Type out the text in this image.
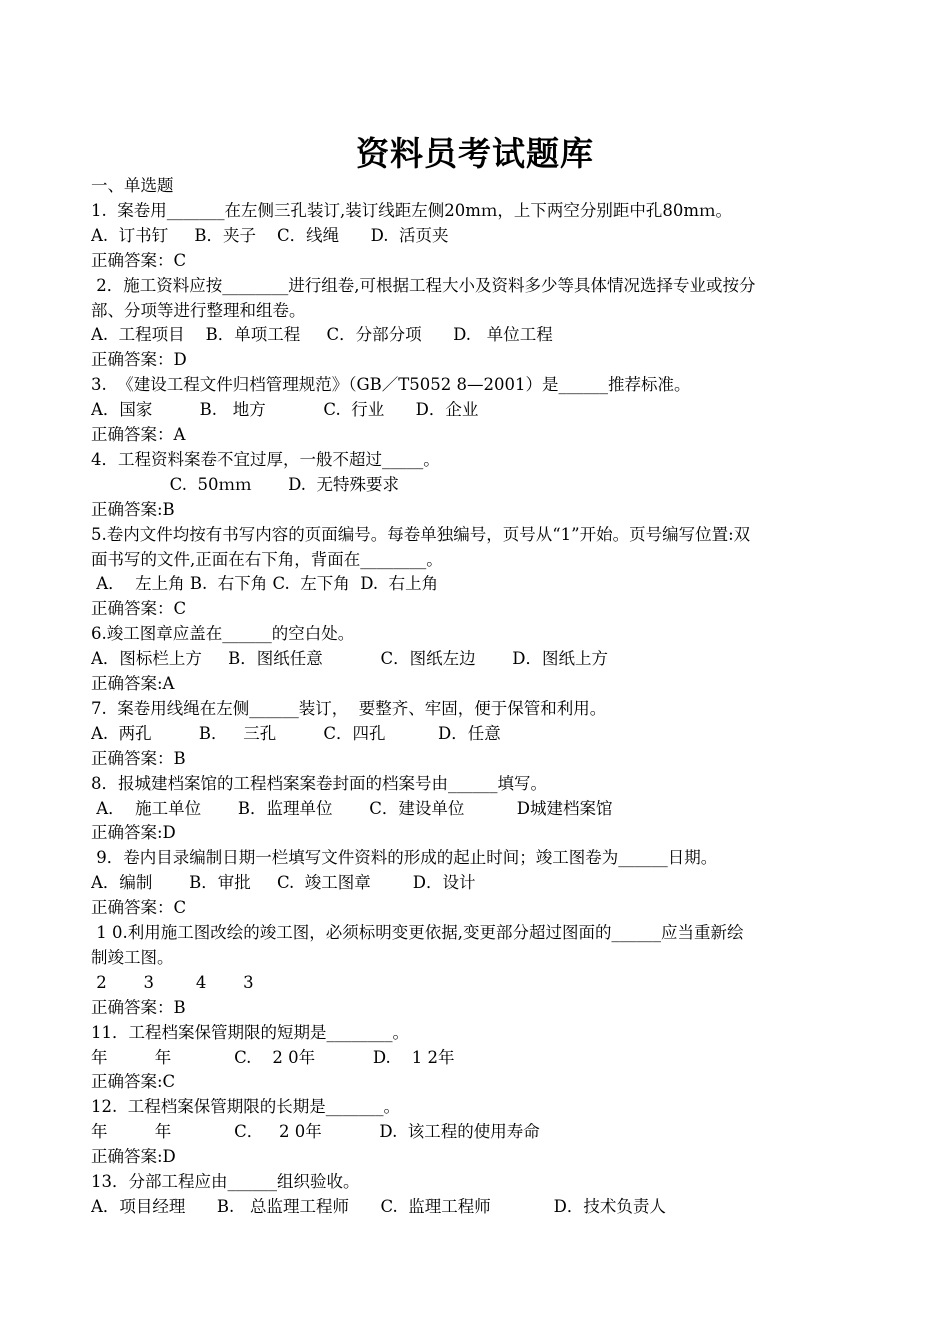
资料员考试题库
一、单选题
1.  案卷用_______在左侧三孔装订,装订线距左侧20mｍ，上下两空分别距中孔80mｍ。
A.  订书钉     B．夹子    C．线绳      D.  活页夹
正确答案：C
2．施工资料应按________进行组卷,可根据工程大小及资料多少等具体情况选择专业或按分
部、分项等进行整理和组卷。
A.  工程项目    B．单项工程     C．分部分项      D.   单位工程
正确答案：D
3.  《建设工程文件归档管理规范》（GB／T5052 8—2001）是______推荐标准。
A．国家         B.   地方           C.  行业      D．企业
正确答案：A
4．工程资料案卷不宜过厚，一般不超过_____。
C.  50ｍｍ       D.  无特殊要求
正确答案:B
5.卷内文件均按有书写内容的页面编号。每卷单独编号，页号从“1”开始。页号编写位置:双
面书写的文件,正面在右下角，背面在________。
A．  左上角 B.  右下角 C.  左下角  D.  右上角
正确答案：C
6.竣工图章应盖在______的空白处。
A．图标栏上方     B．图纸任意           C．图纸左边       D．图纸上方
正确答案:A
7.  案卷用线绳在左侧______装订，  要整齐、牢固，便于保管和利用。
A.  两孔         B．   三孔         C．四孔          D．任意
正确答案：B
8．报城建档案馆的工程档案案卷封面的档案号由______填写。
A．  施工单位       B．监理单位       C．建设单位          D城建档案馆
正确答案:D
9．卷内目录编制日期一栏填写文件资料的形成的起止时间；竣工图卷为______日期。
A．编制       B．审批     C.  竣工图章        D．设计
正确答案：C
1 0.利用施工图改绘的竣工图，必须标明变更依据,变更部分超过图面的______应当重新绘
制竣工图。
2       3        4       3
正确答案：B
11．工程档案保管期限的短期是________。
年         年            C.    2 0年           D.    1 2年
正确答案:C
12.  工程档案保管期限的长期是_______。
年         年            C．   2 0年           D.  该工程的使用寿命
正确答案:D
13．分部工程应由______组织验收。
A．项目经理      B.   总监理工程师      C.  监理工程师            D．技术负责人
